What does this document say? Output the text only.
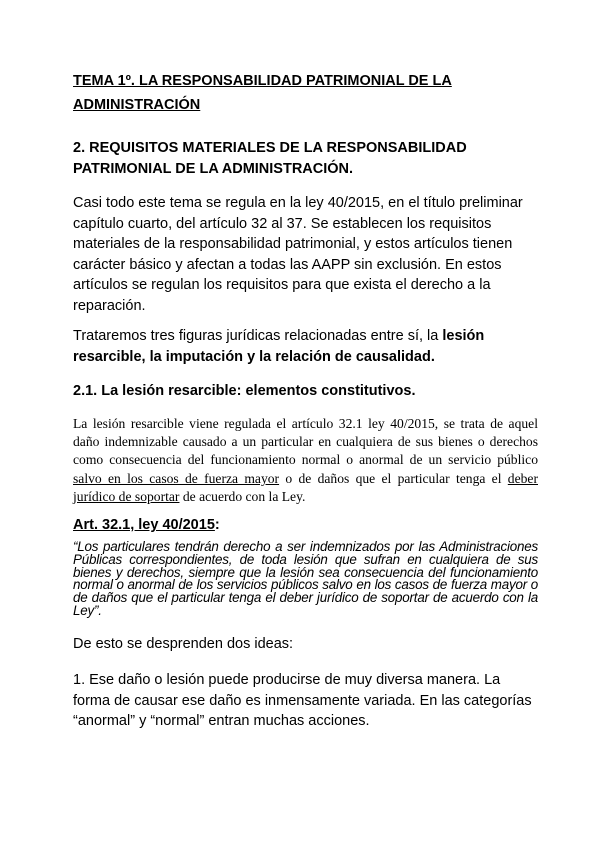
TEMA 1º. LA RESPONSABILIDAD PATRIMONIAL DE LA
ADMINISTRACIÓN
2. REQUISITOS MATERIALES DE LA RESPONSABILIDAD
PATRIMONIAL DE LA ADMINISTRACIÓN.

Casi todo este tema se regula en la ley 40/2015, en el título preliminar capítulo cuarto, del artículo 32 al 37. Se establecen los requisitos materiales de la responsabilidad patrimonial, y estos artículos tienen carácter básico y afectan a todas las AAPP sin exclusión. En estos artículos se regulan los requisitos para que exista el derecho a la reparación.

Trataremos tres figuras jurídicas relacionadas entre sí, la lesión resarcible, la imputación y la relación de causalidad.

2.1. La lesión resarcible: elementos constitutivos.

La lesión resarcible viene regulada el artículo 32.1 ley 40/2015, se trata de aquel daño indemnizable causado a un particular en cualquiera de sus bienes o derechos como consecuencia del funcionamiento normal o anormal de un servicio público salvo en los casos de fuerza mayor o de daños que el particular tenga el deber jurídico de soportar de acuerdo con la Ley.

Art. 32.1, ley 40/2015:

“Los particulares tendrán derecho a ser indemnizados por las Administraciones Públicas correspondientes, de toda lesión que sufran en cualquiera de sus bienes y derechos, siempre que la lesión sea consecuencia del funcionamiento normal o anormal de los servicios públicos salvo en los casos de fuerza mayor o de daños que el particular tenga el deber jurídico de soportar de acuerdo con la Ley”.

De esto se desprenden dos ideas:

1. Ese daño o lesión puede producirse de muy diversa manera. La forma de causar ese daño es inmensamente variada. En las categorías “anormal” y “normal” entran muchas acciones.
